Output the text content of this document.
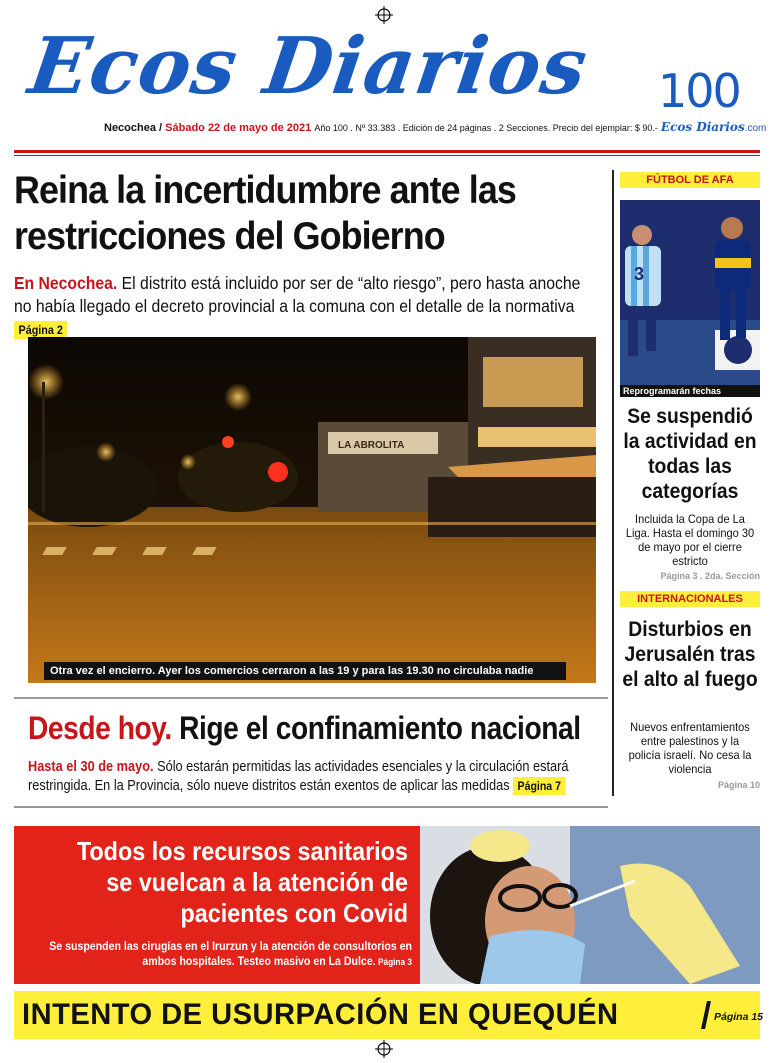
Ecos Diarios 100
Necochea / Sábado 22 de mayo de 2021 Año 100 . Nº 33.383 . Edición de 24 páginas . 2 Secciones. Precio del ejemplar: $ 90.- Ecos Diarios.com
Reina la incertidumbre ante las restricciones del Gobierno
En Necochea. El distrito está incluido por ser de “alto riesgo”, pero hasta anoche no había llegado el decreto provincial a la comuna con el detalle de la normativa Página 2
LA ABROLITA
Otra vez el encierro. Ayer los comercios cerraron a las 19 y para las 19.30 no circulaba nadie
Desde hoy. Rige el confinamiento nacional
Hasta el 30 de mayo. Sólo estarán permitidas las actividades esenciales y la circulación estará restringida. En la Provincia, sólo nueve distritos están exentos de aplicar las medidas Página 7
FÚTBOL DE AFA
3
Reprogramarán fechas
Se suspendió la actividad en todas las categorías
Incluida la Copa de La Liga. Hasta el domingo 30 de mayo por el cierre estricto
Página 3 . 2da. Sección
INTERNACIONALES
Disturbios en Jerusalén tras el alto al fuego
Nuevos enfrentamientos entre palestinos y la policía israelí. No cesa la violencia
Página 10
Todos los recursos sanitarios se vuelcan a la atención de pacientes con Covid
Se suspenden las cirugías en el Irurzun y la atención de consultorios en ambos hospitales. Testeo masivo en La Dulce. Página 3
INTENTO DE USURPACIÓN EN QUEQUÉN	Página 15
